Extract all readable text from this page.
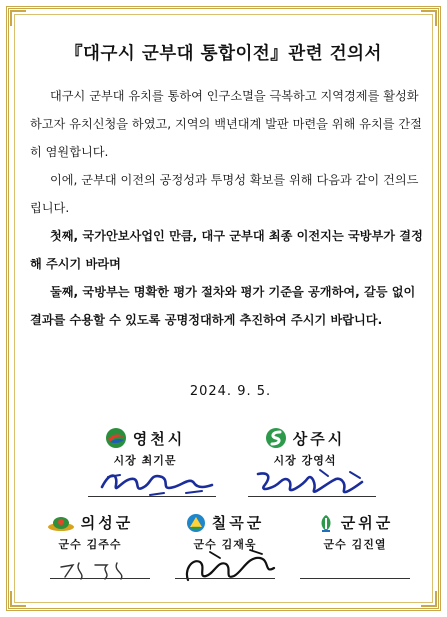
『대구시 군부대 통합이전』관련 건의서

대구시 군부대 유치를 통하여 인구소멸을 극복하고 지역경제를 활성화하고자 유치신청을 하였고, 지역의 백년대계 발판 마련을 위해 유치를 간절히 염원합니다.

이에, 군부대 이전의 공정성과 투명성 확보를 위해 다음과 같이 건의드립니다.

첫째, 국가안보사업인 만큼, 대구 군부대 최종 이전지는 국방부가 결정해 주시기 바라며

둘째, 국방부는 명확한 평가 절차와 평가 기준을 공개하여, 갈등 없이 결과를 수용할 수 있도록 공명정대하게 추진하여 주시기 바랍니다.

2024. 9. 5.
영천시
시장 최기문
상주시
시장 강영석
의성군
군수 김주수
칠곡군
군수 김재욱
군위군
군수 김진열
